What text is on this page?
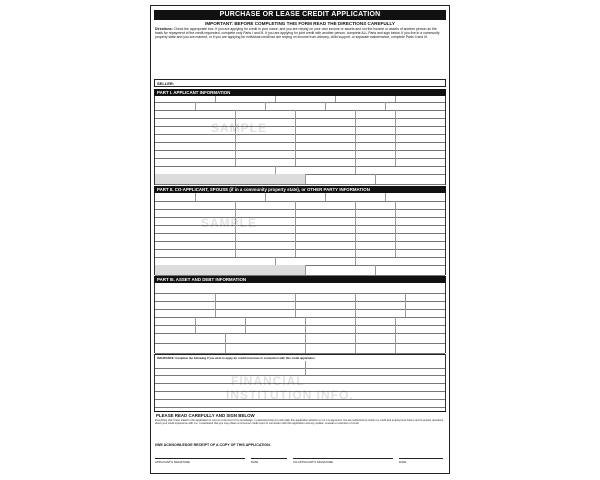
PURCHASE OR LEASE CREDIT APPLICATION
IMPORTANT: BEFORE COMPLETING THIS FORM READ THE DIRECTIONS CAREFULLY
Directions: Check the appropriate box. If you are applying for credit in your name, and you are relying on your own income or assets and not the income or assets of another person as the basis for repayment of the credit requested, complete only Parts I and III. If you are applying for joint credit with another person, complete ALL Parts and sign below. If you live in a community property state and you are married, or if you are applying for individual credit but are relying on income from alimony, child support, or separate maintenance, complete Parts II and III.
SELLER:
PART I. APPLICANT INFORMATION
SAMPLE
PART II. CO-APPLICANT, SPOUSE (if in a community property state), or OTHER PARTY INFORMATION
SAMPLE
PART III. ASSET AND DEBT INFORMATION
INSURANCE: Complete the following if you wish to apply for credit insurance in connection with this credit application
FINANCIAL
INSTITUTION INFO.
PLEASE READ CAREFULLY AND SIGN BELOW
Everything that I have stated in this application is correct to the best of my knowledge. I understand that you will retain this application whether or not it is approved. You are authorized to check my credit and employment history and to answer questions about your credit experience with me. I understand that you may obtain a consumer credit report in connection with this application and any update, renewal or extension of credit.
I/WE ACKNOWLEDGE RECEIPT OF A COPY OF THIS APPLICATION.
APPLICANT'S SIGNATURE	DATE	CO-APPLICANT'S SIGNATURE	DATE
